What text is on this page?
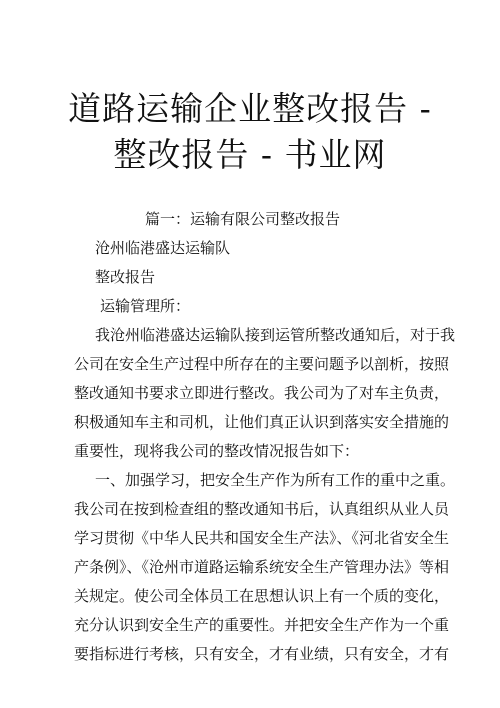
道路运输企业整改报告 -
整改报告 - 书业网
篇一：运输有限公司整改报告
沧州临港盛达运输队
整改报告
运输管理所：
我沧州临港盛达运输队接到运管所整改通知后，对于我
公司在安全生产过程中所存在的主要问题予以剖析，按照
整改通知书要求立即进行整改。我公司为了对车主负责，
积极通知车主和司机，让他们真正认识到落实安全措施的
重要性，现将我公司的整改情况报告如下：
一、加强学习，把安全生产作为所有工作的重中之重。
我公司在按到检查组的整改通知书后，认真组织从业人员
学习贯彻《中华人民共和国安全生产法》、《河北省安全生
产条例》、《沧州市道路运输系统安全生产管理办法》等相
关规定。使公司全体员工在思想认识上有一个质的变化，
充分认识到安全生产的重要性。并把安全生产作为一个重
要指标进行考核，只有安全，才有业绩，只有安全，才有
